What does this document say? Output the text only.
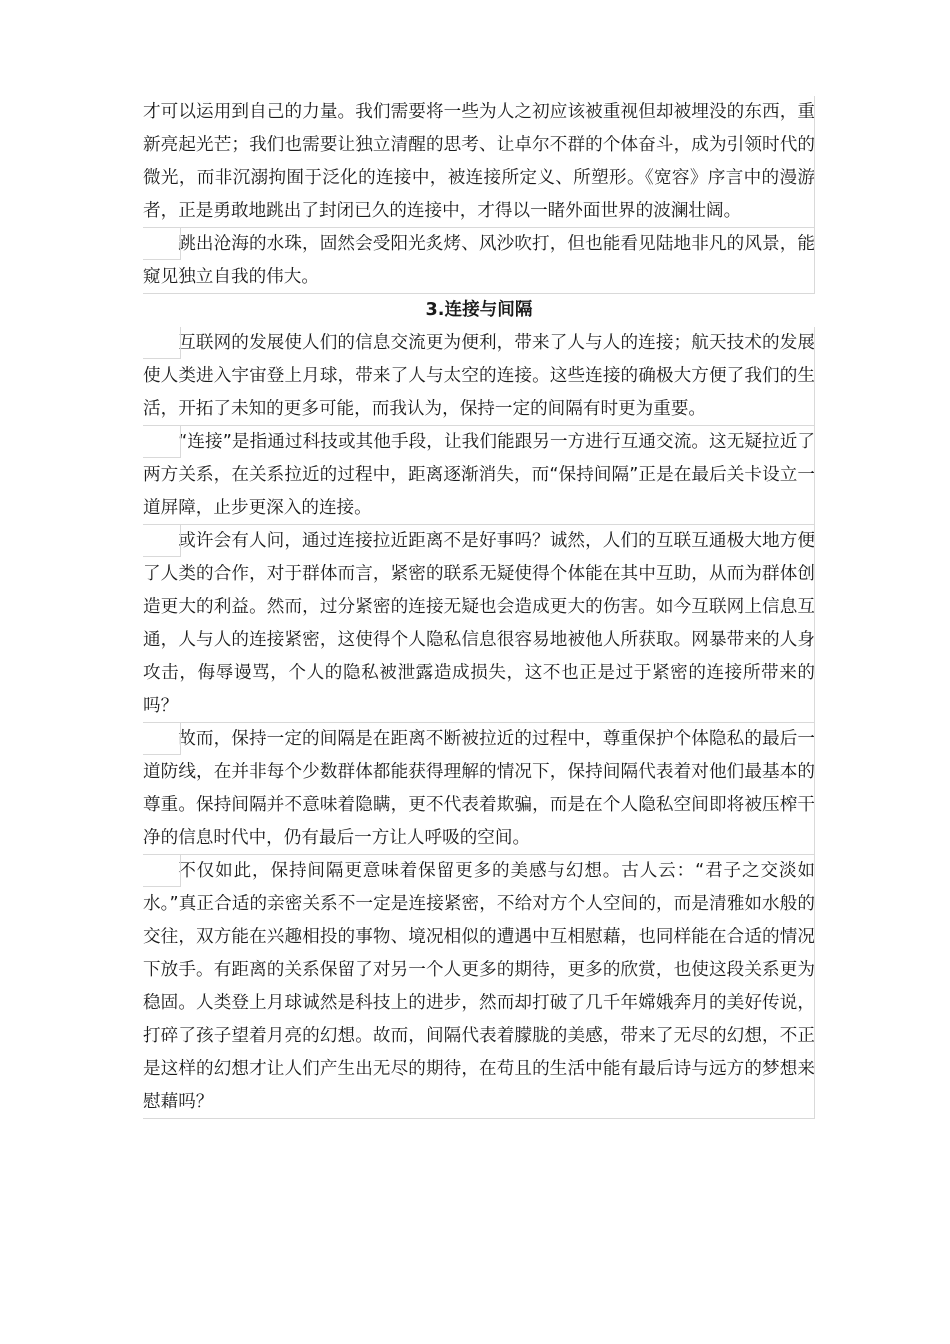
才可以运用到自己的力量。我们需要将一些为人之初应该被重视但却被埋没的东西，重新亮起光芒；我们也需要让独立清醒的思考、让卓尔不群的个体奋斗，成为引领时代的微光，而非沉溺拘囿于泛化的连接中，被连接所定义、所塑形。《宽容》序言中的漫游者，正是勇敢地跳出了封闭已久的连接中，才得以一睹外面世界的波澜壮阔。

跳出沧海的水珠，固然会受阳光炙烤、风沙吹打，但也能看见陆地非凡的风景，能窥见独立自我的伟大。

3.连接与间隔

互联网的发展使人们的信息交流更为便利，带来了人与人的连接；航天技术的发展使人类进入宇宙登上月球，带来了人与太空的连接。这些连接的确极大方便了我们的生活，开拓了未知的更多可能，而我认为，保持一定的间隔有时更为重要。

“连接”是指通过科技或其他手段，让我们能跟另一方进行互通交流。这无疑拉近了两方关系，在关系拉近的过程中，距离逐渐消失，而“保持间隔”正是在最后关卡设立一道屏障，止步更深入的连接。

或许会有人问，通过连接拉近距离不是好事吗？诚然，人们的互联互通极大地方便了人类的合作，对于群体而言，紧密的联系无疑使得个体能在其中互助，从而为群体创造更大的利益。然而，过分紧密的连接无疑也会造成更大的伤害。如今互联网上信息互通，人与人的连接紧密，这使得个人隐私信息很容易地被他人所获取。网暴带来的人身攻击，侮辱谩骂，个人的隐私被泄露造成损失，这不也正是过于紧密的连接所带来的吗？

故而，保持一定的间隔是在距离不断被拉近的过程中，尊重保护个体隐私的最后一道防线，在并非每个少数群体都能获得理解的情况下，保持间隔代表着对他们最基本的尊重。保持间隔并不意味着隐瞒，更不代表着欺骗，而是在个人隐私空间即将被压榨干净的信息时代中，仍有最后一方让人呼吸的空间。

不仅如此，保持间隔更意味着保留更多的美感与幻想。古人云：“君子之交淡如水。”真正合适的亲密关系不一定是连接紧密，不给对方个人空间的，而是清雅如水般的交往，双方能在兴趣相投的事物、境况相似的遭遇中互相慰藉，也同样能在合适的情况下放手。有距离的关系保留了对另一个人更多的期待，更多的欣赏，也使这段关系更为稳固。人类登上月球诚然是科技上的进步，然而却打破了几千年嫦娥奔月的美好传说，打碎了孩子望着月亮的幻想。故而，间隔代表着朦胧的美感，带来了无尽的幻想，不正是这样的幻想才让人们产生出无尽的期待，在苟且的生活中能有最后诗与远方的梦想来慰藉吗？
